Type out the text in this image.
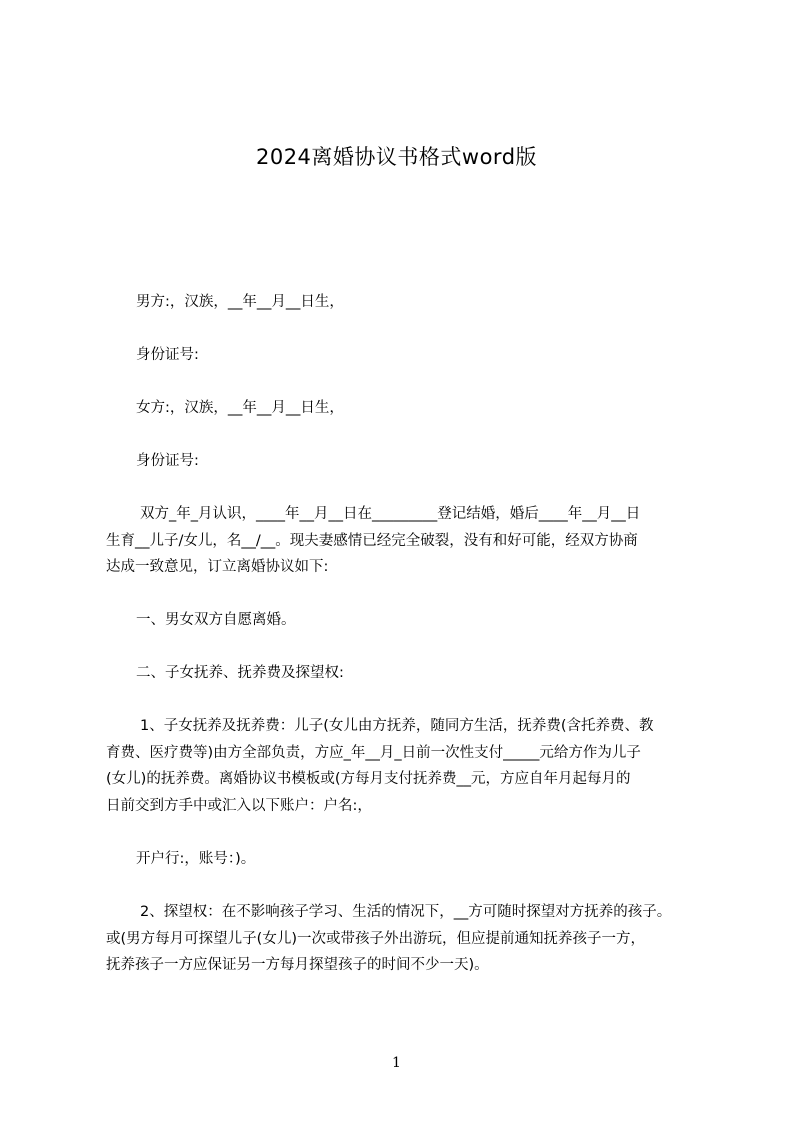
2024离婚协议书格式word版
男方:，汉族，__年__月__日生，
身份证号:
女方:，汉族，__年__月__日生，
身份证号:
双方_年_月认识，____年__月__日在_________登记结婚，婚后____年__月__日
生育__儿子/女儿，名__/__。现夫妻感情已经完全破裂，没有和好可能，经双方协商
达成一致意见，订立离婚协议如下:
一、男女双方自愿离婚。
二、子女抚养、抚养费及探望权:
1、子女抚养及抚养费：儿子(女儿由方抚养，随同方生活，抚养费(含托养费、教
育费、医疗费等)由方全部负责，方应_年__月_日前一次性支付_____元给方作为儿子
(女儿)的抚养费。离婚协议书模板或(方每月支付抚养费__元，方应自年月起每月的
日前交到方手中或汇入以下账户：户名:，
开户行:，账号：)。
2、探望权：在不影响孩子学习、生活的情况下，__方可随时探望对方抚养的孩子。
或(男方每月可探望儿子(女儿)一次或带孩子外出游玩，但应提前通知抚养孩子一方，
抚养孩子一方应保证另一方每月探望孩子的时间不少一天)。
1
